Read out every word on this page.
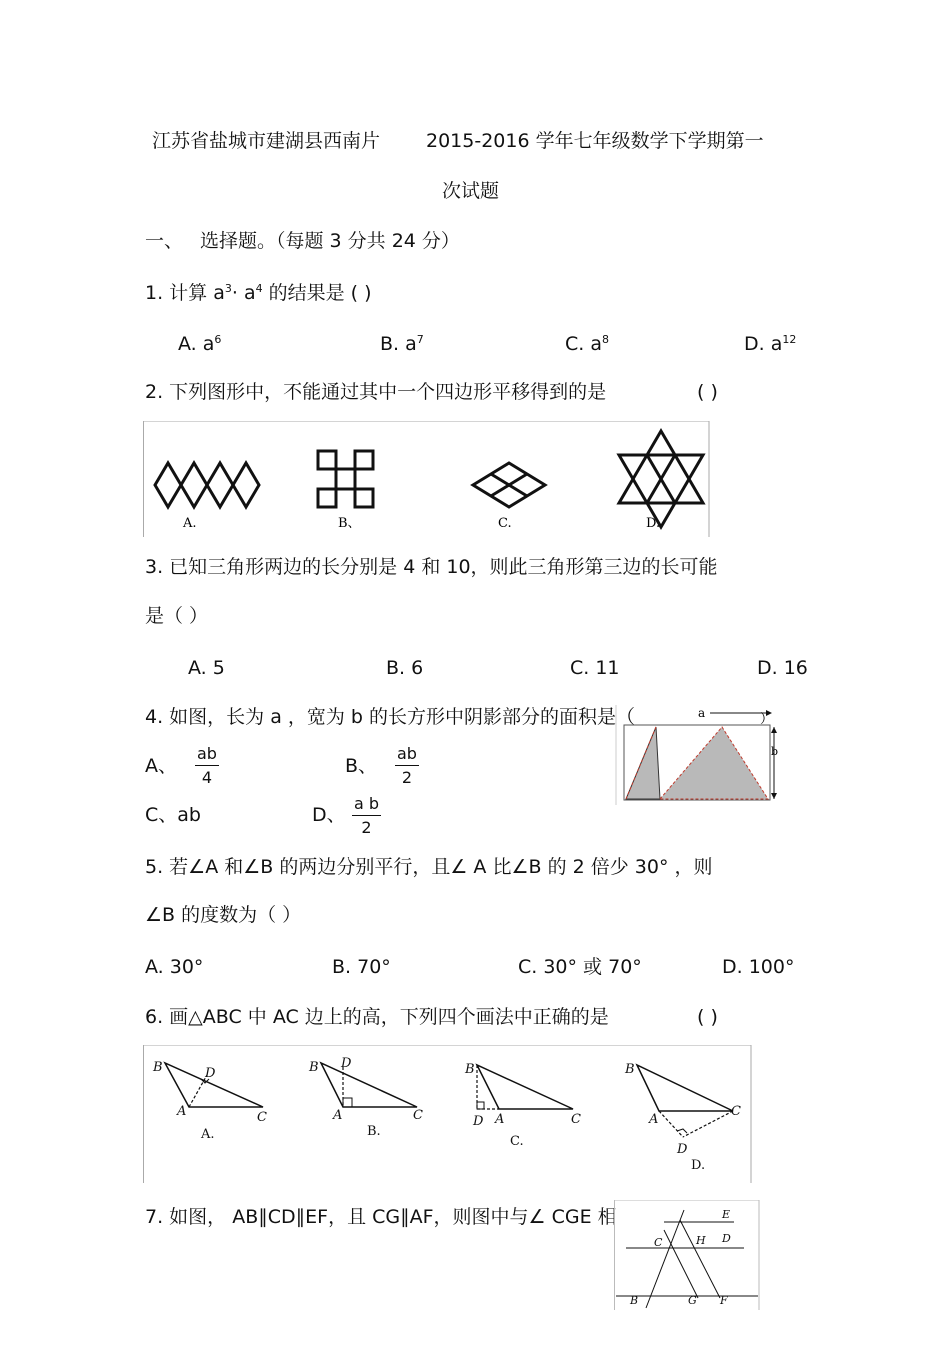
江苏省盐城市建湖县西南片 2015-2016 学年七年级数学下学期第一
次试题
一、 选择题。（每题 3 分共 24 分）
1. 计算 $a^3\cdot a^4$ 的结果是 ( )
A. $a^6$	B. $a^7$	C. $a^8$	D. $a^{12}$
2. 下列图形中，不能通过其中一个四边形平移得到的是	( )
A.	B、	C.	D.
3. 已知三角形两边的长分别是 4 和 10，则此三角形第三边的长可能
是（ ）
A. 5	B. 6	C. 11	D. 16
4. 如图，长为 a ，宽为 b 的长方形中阴影部分的面积是（	a	）
b
A、 $\frac{ab}{4}$	B、 $\frac{ab}{2}$
C、ab	D、 $\frac{\text{a b}}{2}$
5. 若∠A 和∠B 的两边分别平行，且∠ A 比∠B 的 2 倍少 30° ，则
∠B 的度数为（ ）
A. 30°	B. 70°	C. 30° 或 70°	D. 100°
6. 画△ABC 中 AC 边上的高，下列四个画法中正确的是	( )
B
A	C
D	B D
A	C
B
D A	C
B
A
C
D
A.	B.
C.
D.
7. 如图， AB∥CD∥EF，且 CG∥AF，则图中与∠ CGE 相	E
C	H D
B	G F
